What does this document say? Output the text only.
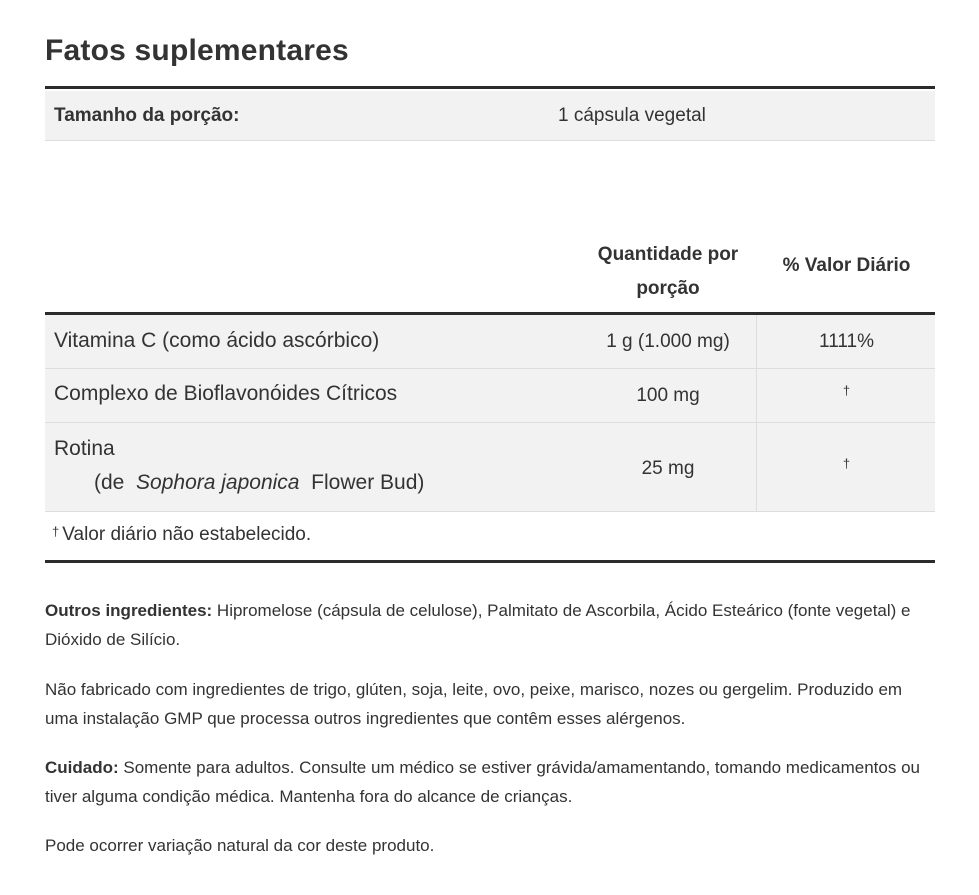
Fatos suplementares
Tamanho da porção:	1 cápsula vegetal
Quantidade por
porção
% Valor Diário
Vitamina C (como ácido ascórbico)	1 g (1.000 mg)	1111%
Complexo de Bioflavonóides Cítricos	100 mg	†
Rotina
(de Sophora japonica Flower Bud)
25 mg	†
† Valor diário não estabelecido.
Outros ingredientes: Hipromelose (cápsula de celulose), Palmitato de Ascorbila, Ácido Esteárico (fonte vegetal) e Dióxido de Silício.
Não fabricado com ingredientes de trigo, glúten, soja, leite, ovo, peixe, marisco, nozes ou gergelim. Produzido em uma instalação GMP que processa outros ingredientes que contêm esses alérgenos.
Cuidado: Somente para adultos. Consulte um médico se estiver grávida/amamentando, tomando medicamentos ou tiver alguma condição médica. Mantenha fora do alcance de crianças.
Pode ocorrer variação natural da cor deste produto.
